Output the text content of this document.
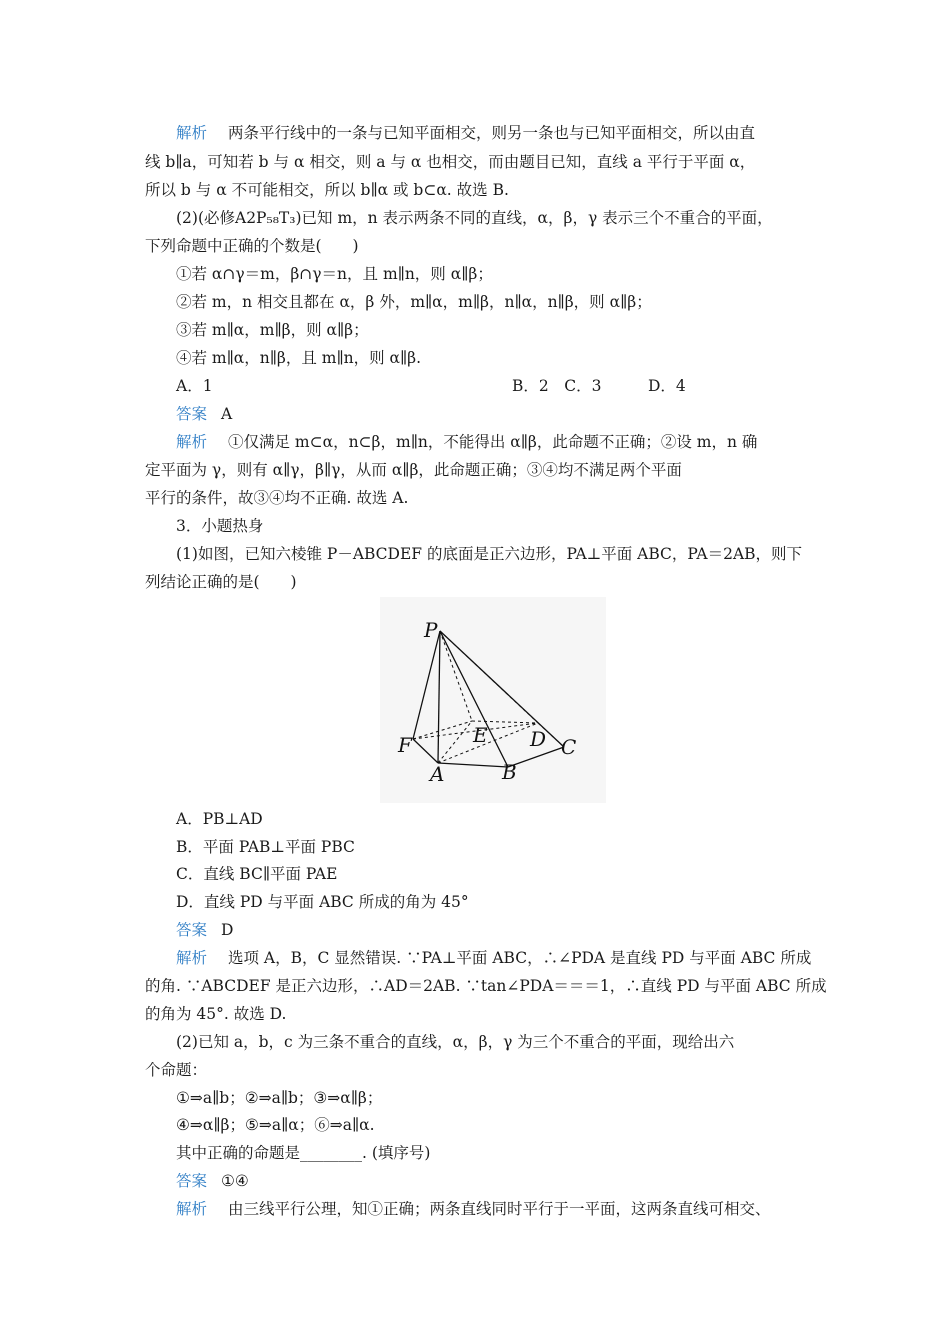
解析 两条平行线中的一条与已知平面相交，则另一条也与已知平面相交，所以由直
线 b∥a，可知若 b 与 α 相交，则 a 与 α 也相交，而由题目已知，直线 a 平行于平面 α，
所以 b 与 α 不可能相交，所以 b∥α 或 b⊂α. 故选 B.
(2)(必修A2P₅₈T₃)已知 m，n 表示两条不同的直线，α，β，γ 表示三个不重合的平面，
下列命题中正确的个数是(　　)
①若 α∩γ＝m，β∩γ＝n，且 m∥n，则 α∥β；
②若 m，n 相交且都在 α，β 外，m∥α，m∥β，n∥α，n∥β，则 α∥β；
③若 m∥α，m∥β，则 α∥β；
④若 m∥α，n∥β，且 m∥n，则 α∥β.
A．1	B．2　C．3　　　D．4
答案 A
解析 ①仅满足 m⊂α，n⊂β，m∥n，不能得出 α∥β，此命题不正确；②设 m，n 确
定平面为 γ，则有 α∥γ，β∥γ，从而 α∥β，此命题正确；③④均不满足两个平面
平行的条件，故③④均不正确. 故选 A.
3．小题热身
(1)如图，已知六棱锥 P－ABCDEF 的底面是正六边形，PA⊥平面 ABC，PA＝2AB，则下
列结论正确的是(　　)
P
F	E D C
A	B
A．PB⊥AD
B．平面 PAB⊥平面 PBC
C．直线 BC∥平面 PAE
D．直线 PD 与平面 ABC 所成的角为 45°
答案 D
解析 选项 A，B，C 显然错误. ∵PA⊥平面 ABC，∴∠PDA 是直线 PD 与平面 ABC 所成
的角. ∵ABCDEF 是正六边形，∴AD＝2AB. ∵tan∠PDA＝＝＝1，∴直线 PD 与平面 ABC 所成
的角为 45°. 故选 D.
(2)已知 a，b，c 为三条不重合的直线，α，β，γ 为三个不重合的平面，现给出六
个命题：
①⇒a∥b；②⇒a∥b；③⇒α∥β；
④⇒α∥β；⑤⇒a∥α；⑥⇒a∥α.
其中正确的命题是________. (填序号)
答案 ①④
解析 由三线平行公理，知①正确；两条直线同时平行于一平面，这两条直线可相交、
